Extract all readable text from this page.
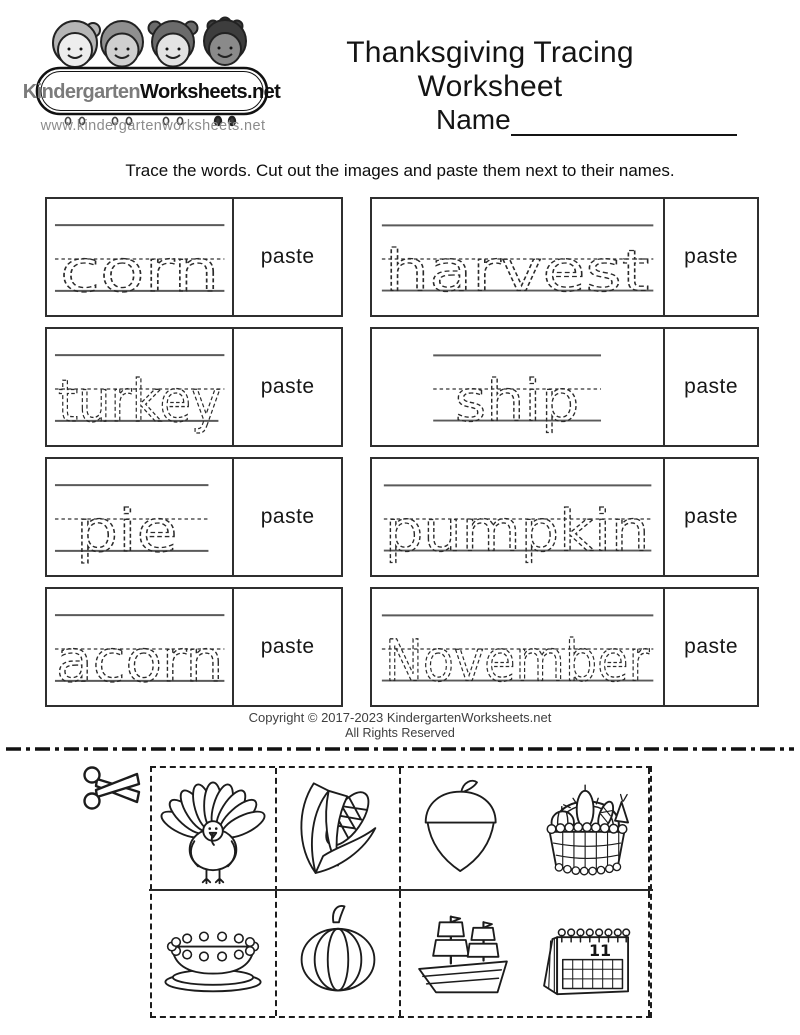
Kindergarten Worksheets.net
www.kindergartenworksheets.net
Thanksgiving Tracing Worksheet
Name
Trace the words. Cut out the images and paste them next to their names.
corn paste harvest paste
turkey paste ship	paste
pie	paste pumpkin paste
acorn paste November paste
Copyright © 2017-2023 KindergartenWorksheets.net
All Rights Reserved
11
